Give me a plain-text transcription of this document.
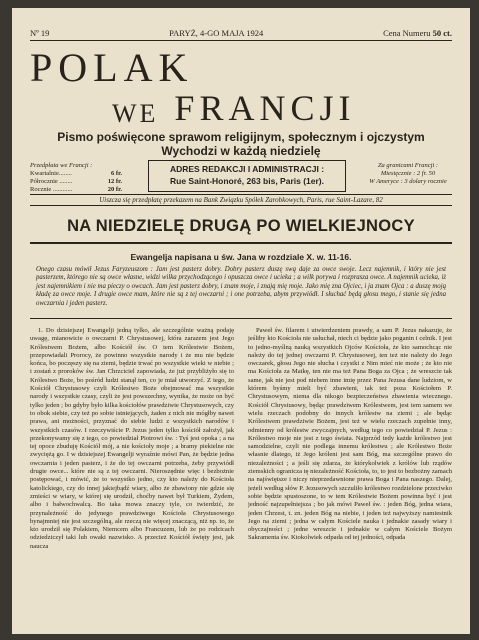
Nº 19	PARYŻ, 4-GO MAJA 1924	Cena Numeru 50 ct.
POLAK
WE FRANCJI
Pismo poświęcone sprawom religijnym, społecznym i ojczystym
Wychodzi w każdą niedzielę
Przedpłata we Francji :
Kwartalnie........	6 fr.
Półrocznie ........	12 fr.
Rocznie ............	20 fr.
ADRES REDAKCJI I ADMINISTRACJI :
Rue Saint-Honoré, 263 bis, Paris (1er).
Za granicami Francji :
Miesięcznie : 2 fr. 50
W Ameryce : 3 dolary rocznie
Uiszcza się przedpłatę przekazem na Bank Związku Spółek Zarobkowych, Paris, rue Saint-Lazare, 82
NA NIEDZIELĘ DRUGĄ PO WIELKIEJNOCY
Ewangelja napisana u św. Jana w rozdziale X. w. 11-16.
Onego czasu mówił Jezus Faryzeuszom : Jam jest pasterz dobry. Dobry pasterz duszę swą daje za owce swoje. Lecz najemnik, i który nie jest pasterzem, którego nie są owce własne, widzi wilka przychodzącego i opuszcza owce i ucieka ; a wilk porywa i rozprasza owce. A najemnik ucieka, iż jest najemnikiem i nie ma pieczy o owcach. Jam jest pasterz dobry, i znam moje, i znają mię moje. Jako mię zna Ojciec, i ja znam Ojca : a duszę moją kładę za owce moje. I drugie owce mam, które nie są z tej owczarni ; i one potrzeba, abym przywiódł. I słuchać będą głosu mego, i stanie się jedna owczarnia i jeden pasterz.

1. Do dzisiejszej Ewangelji jedną tylko, ale szczególnie ważną podaję uwagę, mianowicie o owczarni P. Chrystusowej, która zarazem jest Jego Królestwem Bożem, albo Kościół św. O tem Królestwie Bożem, przepowiadali Prorocy, że powinno wszystkie narody i że mu nie będzie końca, bo poczęszy się na ziemi, będzie trwać po wszystkie wieki w niebie ; i zostań z proroków św. Jan Chrzciciel zapowiada, że już przybliżyło się to Królestwo Boże, bo pośród ludzi stanął ten, co je miał utworzyć. Z tego, że Kościół Chrystusowy czyli Królestwo Boże obejmować ma wszystkie narody i wszystkie czasy, czyli że jest powszechny, wynika, że może on być tylko jeden ; bo gdyby było kilka kościołów prawdziwie Chrystusowych, czy to obok siebie, czy też po sobie istniejących, żaden z nich nie mógłby nawet prawa, ani możności, przyznać do siebie ludzi z wszystkich narodów i wszystkich czasów. I rzeczywiście P. Jezus jeden tylko kościół założył, jak przekonywamy się z tego, co powiedział Piotrowi św. : Tyś jest opoka ; a na tej opoce zbuduję Kościół mój, a nie kościoły moje ; a bramy piekielne nie zwyciężą go. I w dzisiejszej Ewangelji wyraźnie mówi Pan, że będzie jedna owczarnia i jeden pasterz, i że do tej owczarni potrzeba, żeby przywiódł drugie owce... które nie są z tej owczarni. Nieroszędnie więc i bezbożnie postępować, i mówić, że to wszystko jedno, czy kto należy do Kościoła katolickiego, czy do innej jakiejbądź wiary, albo że zbawiony nie gdzie się zmieści w wiary, w której się urodził, choćby nawet był Turkiem, Żydem, albo i bałwochwalcą. Bo taka mowa znaczy tyle, co twierdzić, że przynależność do jedynego prawdziwego Kościoła Chrystusowego bynajmniej nie jest szczególną, ale rzeczą nie więcej znaczącą, niż np. to, że kto urodził się Polakiem, Niemcem albo Francuzem, lub że po rodzicach odziedziczył taki lub owaki nazwisko. A przecież Kościół święty jest, jak naucza

Paweł św. filarem i utwierdzeniem prawdy, a sam P. Jezus nakazuje, że jeśliby kto Kościoła nie usłuchał, niech ci będzie jako poganin i celnik. I jest to jedno-myślną nauką wszystkich Ojców Kościoła, że kto samochcąc nie należy do tej jednej owczarni P. Chrystusowej, ten też nie należy do Jego owczarek, głosu Jego nie słucha i czystki z Nim mieć nie może ; że kto nie ma Kościoła za Matkę, ten nie ma też Pana Boga za Ojca ; że wreszcie tak same, jak nie jest pod niebem inne imię przez Pana Jezusa dane ludziom, w którem byśmy mieli być zbawieni, tak też poza Kościołem P. Chrystusowym, niema dla nikogo bezpieczeństwa zbawienia wiecznego. Kościół Chrystusowy, będąc prawdziwem Królestwem, jest tem samem we wielu rzeczach podobny do innych królestw na ziemi ; ale będąc Królestwem prawdziwie Bożem, jest też w wielu rzeczach zupełnie inny, odmienny od królestw zwyczajnych, według tego co powiedział P. Jezus : Królestwo moje nie jest z tego świata. Najprzód tedy każde królestwo jest samodzielne, czyli nie podlega innemu królestwu ; ale Królestwo Boże własnie dlatego, iż Jego króleni jest sam Bóg, ma szczególne prawo do niezależności ; a jeśli się zdarza, że którykolwiek z królów lub rządów ziemskich ogranicza tę niezależność Kościoła, to, to jest to bezbożny zamach na najświętsze i niczy nieprzedawnione prawa Boga i Pana naszego. Dalej, jeżeli według słów P. Jezusowych szczuliło królestwo rozdzielone przeciwko sobie będzie spustoszone, to w tem Królestwie Bożem powinna być i jest jedność najzupełniejsza ; bo jak mówi Paweł św. : jeden Bóg, jedna wiara, jeden Chrzest, t. zn. jeden Bóg na niebie, i jeden też najwyższy namiestnik Jego na ziemi ; jedna w całym Kościele nauka i jednakie zasady wiary i obyczajności ; jedne wreszcie i jednakie w całym Kościele Bożym Sakramenta św. Ktokolwiek odpada od tej jedności, odpada
